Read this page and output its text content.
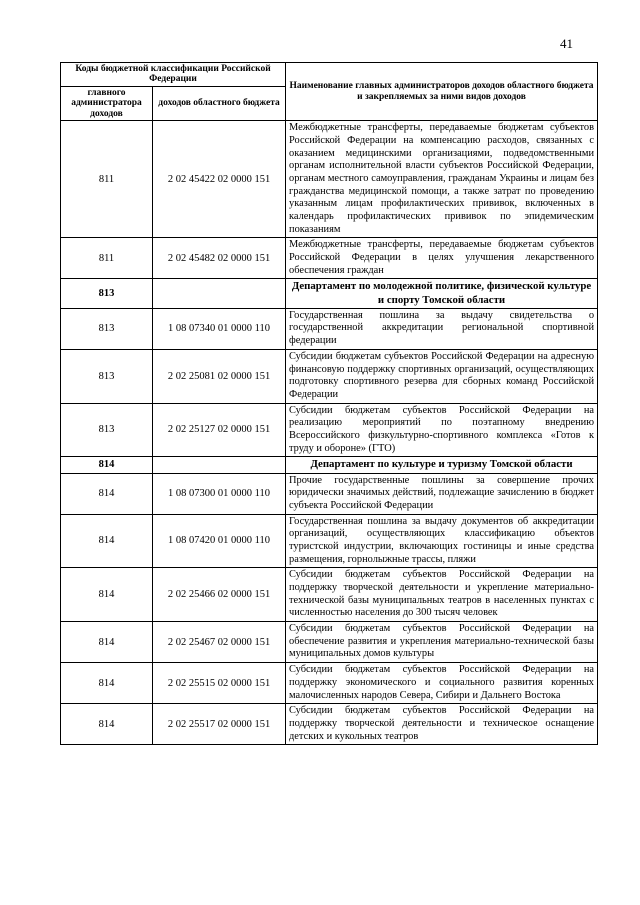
41
Коды бюджетной классификации Российской Федерации		Наименование главных администраторов доходов областного бюджета и закрепляемых за ними видов доходов
главного администратора доходов	доходов областного бюджета	
811	2 02 45422 02 0000 151	Межбюджетные трансферты, передаваемые бюджетам субъектов Российской Федерации на компенсацию расходов, связанных с оказанием медицинскими организациями, подведомственными органам исполнительной власти субъектов Российской Федерации, органам местного самоуправления, гражданам Украины и лицам без гражданства медицинской помощи, а также затрат по проведению указанным лицам профилактических прививок, включенных в календарь профилактических прививок по эпидемическим показаниям
811	2 02 45482 02 0000 151	Межбюджетные трансферты, передаваемые бюджетам субъектов Российской Федерации в целях улучшения лекарственного обеспечения граждан
813		Департамент по молодежной политике, физической культуре и спорту Томской области
813	1 08 07340 01 0000 110	Государственная пошлина за выдачу свидетельства о государственной аккредитации региональной спортивной федерации
813	2 02 25081 02 0000 151	Субсидии бюджетам субъектов Российской Федерации на адресную финансовую поддержку спортивных организаций, осуществляющих подготовку спортивного резерва для сборных команд Российской Федерации
813	2 02 25127 02 0000 151	Субсидии бюджетам субъектов Российской Федерации на реализацию мероприятий по поэтапному внедрению Всероссийского физкультурно-спортивного комплекса «Готов к труду и обороне» (ГТО)
814		Департамент по культуре и туризму Томской области
814	1 08 07300 01 0000 110	Прочие государственные пошлины за совершение прочих юридически значимых действий, подлежащие зачислению в бюджет субъекта Российской Федерации
814	1 08 07420 01 0000 110	Государственная пошлина за выдачу документов об аккредитации организаций, осуществляющих классификацию объектов туристской индустрии, включающих гостиницы и иные средства размещения, горнолыжные трассы, пляжи
814	2 02 25466 02 0000 151	Субсидии бюджетам субъектов Российской Федерации на поддержку творческой деятельности и укрепление материально-технической базы муниципальных театров в населенных пунктах с численностью населения до 300 тысяч человек
814	2 02 25467 02 0000 151	Субсидии бюджетам субъектов Российской Федерации на обеспечение развития и укрепления материально-технической базы муниципальных домов культуры
814	2 02 25515 02 0000 151	Субсидии бюджетам субъектов Российской Федерации на поддержку экономического и социального развития коренных малочисленных народов Севера, Сибири и Дальнего Востока
814	2 02 25517 02 0000 151	Субсидии бюджетам субъектов Российской Федерации на поддержку творческой деятельности и техническое оснащение детских и кукольных театров
